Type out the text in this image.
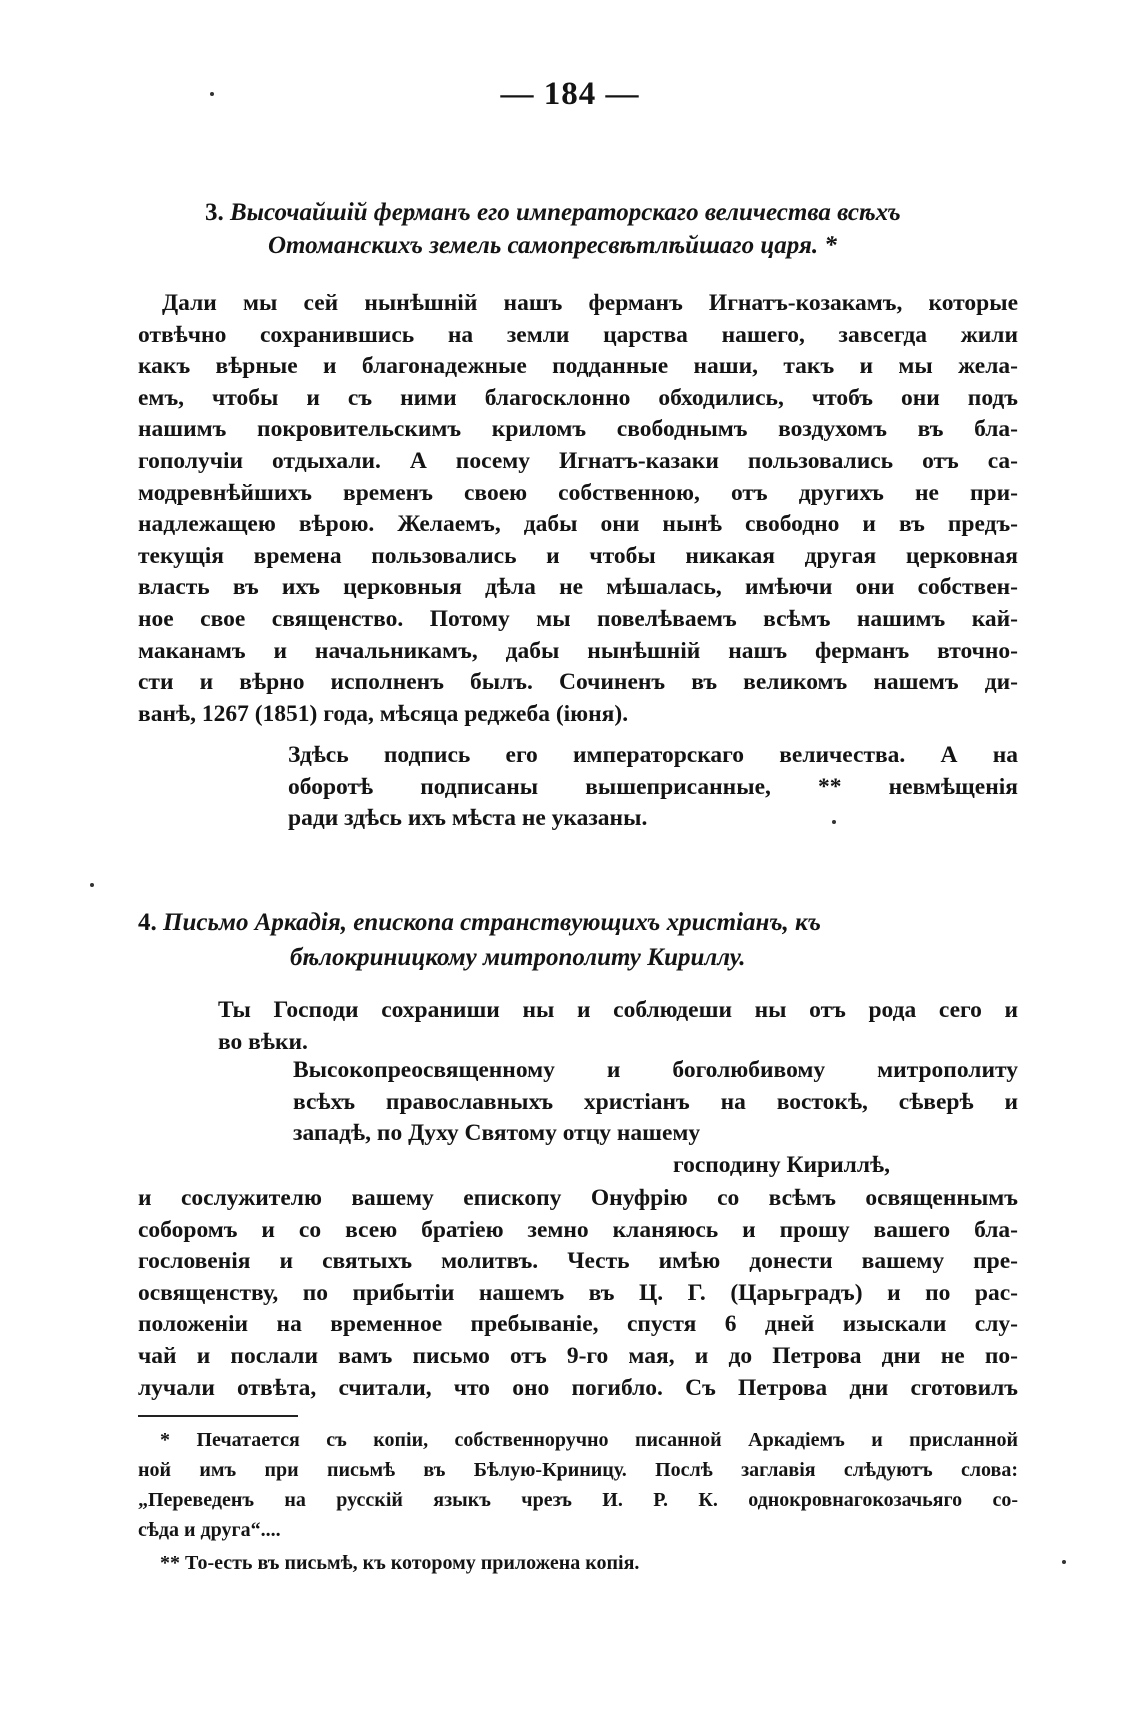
— 184 —
3. Высочайшій ферманъ его императорскаго величества всѣхъ
Отоманскихъ земель самопресвѣтлѣйшаго царя. *
Дали мы сей нынѣшній нашъ ферманъ Игнатъ-козакамъ, которые
отвѣчно сохранившись на земли царства нашего, завсегда жили
какъ вѣрные и благонадежные подданные наши, такъ и мы жела-
емъ, чтобы и съ ними благосклонно обходились, чтобъ они подъ
нашимъ покровительскимъ криломъ свободнымъ воздухомъ въ бла-
гополучіи отдыхали. А посему Игнатъ-казаки пользовались отъ са-
модревнѣйшихъ временъ своею собственною, отъ другихъ не при-
надлежащею вѣрою. Желаемъ, дабы они нынѣ свободно и въ предъ-
текущія времена пользовались и чтобы никакая другая церковная
власть въ ихъ церковныя дѣла не мѣшалась, имѣючи они собствен-
ное свое священство. Потому мы повелѣваемъ всѣмъ нашимъ кай-
маканамъ и начальникамъ, дабы нынѣшній нашъ ферманъ вточно-
сти и вѣрно исполненъ былъ. Сочиненъ въ великомъ нашемъ ди-
ванѣ, 1267 (1851) года, мѣсяца реджеба (іюня).
Здѣсь подпись его императорскаго величества. А на
оборотѣ подписаны вышеприсанные, ** невмѣщенія
ради здѣсь ихъ мѣста не указаны.
4. Письмо Аркадія, епископа странствующихъ христіанъ, къ
бѣлокриницкому митрополиту Кириллу.
Ты Господи сохраниши ны и соблюдеши ны отъ рода сего и
во вѣки.
Высокопреосвященному и боголюбивому митрополиту
всѣхъ православныхъ христіанъ на востокѣ, сѣверѣ и
западѣ, по Духу Святому отцу нашему
господину Кириллѣ,
и сослужителю вашему епископу Онуфрію со всѣмъ освященнымъ
соборомъ и со всею братіею земно кланяюсь и прошу вашего бла-
гословенія и святыхъ молитвъ. Честь имѣю донести вашему пре-
освященству, по прибытіи нашемъ въ Ц. Г. (Царьградъ) и по рас-
положеніи на временное пребываніе, спустя 6 дней изыскали слу-
чай и послали вамъ письмо отъ 9-го мая, и до Петрова дни не по-
лучали отвѣта, считали, что оно погибло. Съ Петрова дни сготовилъ
* Печатается съ копіи, собственноручно писанной Аркадіемъ и присланной
ной имъ при письмѣ въ Бѣлую-Криницу. Послѣ заглавія слѣдуютъ слова:
„Переведенъ на русскій языкъ чрезъ И. Р. К. однокровнагокозачьяго со-
сѣда и друга“....
** То-есть въ письмѣ, къ которому приложена копія.
